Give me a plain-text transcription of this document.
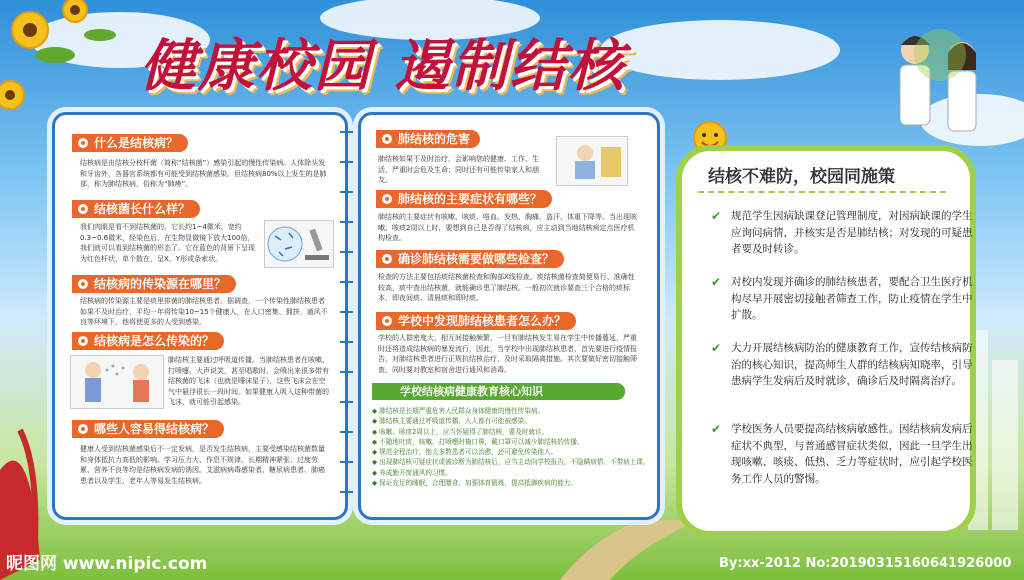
健康校园 遏制结核
什么是结核病？
结核病是由结核分枝杆菌（简称“结核菌”）感染引起的慢性传染病。人体除头发和牙齿外，各器官系统都有可能受到结核菌感染。但结核病80%以上发生的是肺部，称为肺结核病，俗称为“肺痨”。
结核菌长什么样？
我们肉眼是看不到结核菌的。它长约1~4微米，宽约0.3~0.6微米，经染色后，在生物显微镜下放大100倍，我们就可以看到结核菌的形态了。它在蓝色的背景下呈现为红色杆状，单个散在，呈X、Y形或条索状。
结核病的传染源在哪里？
结核病的传染源主要是痰里排菌的肺结核患者。据调查，一个传染性肺结核患者如果不及时治疗，平均一年将传染10~15个健康人，在人口密集、拥挤、通风不良等环境下，他将使更多的人受到感染。
结核病是怎么传染的？
肺结核主要通过呼吸道传播。当肺结核患者在咳嗽、打喷嚏、大声说笑，甚至唱歌时，会喷出来很多带有结核菌的飞沫（也就是唾沫星子），这些飞沫会在空气中悬浮很长一段时间。如果健康人吸入这种带菌的飞沫，就可能引起感染。
哪些人容易得结核病？
健康人受到结核菌感染后不一定发病，是否发生结核病，主要受感染结核菌数量和身体抵抗力高低的影响。学习压力大、作息不规律、长期精神紧张、过度劳累、营养不良等均是结核病发病的诱因。艾滋病病毒感染者、糖尿病患者、肺癌患者以及学生、老年人等易发生结核病。
肺结核的危害
肺结核如果不及时治疗，会影响您的健康、工作、生活，严重时会危及生命；同时还有可能传染家人和朋友。
肺结核的主要症状有哪些？
肺结核的主要症状有咳嗽、咳痰、咯血、发热、胸痛、盗汗、体重下降等。当出现咳嗽、咳痰2周以上时，要想到自己是否得了结核病，应主动到当地结核病定点医疗机构检查。
确诊肺结核需要做哪些检查？
检查的方法主要包括痰结核菌检查和胸部X线检查。痰结核菌检查简便易行、准确性较高，痰中查出结核菌，就能确诊患了肺结核。一般初次就诊要查三个合格的痰标本，即夜间痰、清晨痰和即时痰。
学校中发现肺结核患者怎么办？
学校的人群密度大，相互间接触频繁，一旦有肺结核发生易在学生中传播蔓延，严重时还将造成结核病的暴发流行，因此，当学校中出现肺结核患者，首先要进行疫情报告，对肺结核患者进行正规抗结核治疗，及时采取隔离措施。其次要做好密切接触筛查，同时要对教室和宿舍进行通风和消毒。
学校结核病健康教育核心知识
◆ 肺结核是长期严重危害人民群众身体健康的慢性传染病。
◆ 肺结核主要通过呼吸道传播，人人都有可能被感染。
◆ 咳嗽、咳痰2周以上，应当怀疑得了肺结核，要及时就诊。
◆ 不随地吐痰，咳嗽、打喷嚏时掩口鼻，戴口罩可以减少肺结核的传播。
◆ 规范全程治疗，绝大多数患者可以治愈，还可避免传染他人。
◆ 出现肺结核可疑症状或被诊断为肺结核后，应当主动向学校报告，不隐瞒病情、不带病上课。
◆ 养成勤开窗通风的习惯。
◆ 保证充足的睡眠，合理膳食，加强体育锻炼，提高抵御疾病的能力。
结核不难防，校园同施策
✔ 规范学生因病缺课登记管理制度，对因病缺课的学生应询问病情，并核实是否是肺结核；对发现的可疑患者要及时转诊。
✔ 对校内发现并确诊的肺结核患者，要配合卫生医疗机构尽早开展密切接触者筛查工作，防止疫情在学生中扩散。
✔ 大力开展结核病防治的健康教育工作，宣传结核病防治的核心知识，提高师生人群的结核病知晓率，引导患病学生发病后及时就诊，确诊后及时隔离治疗。
✔ 学校医务人员要提高结核病敏感性。因结核病发病后症状不典型，与普通感冒症状类似，因此一旦学生出现咳嗽、咳痰、低热、乏力等症状时，应引起学校医务工作人员的警惕。
昵图网 www.nipic.com	By:xx-2012 No:20190315160641926000
